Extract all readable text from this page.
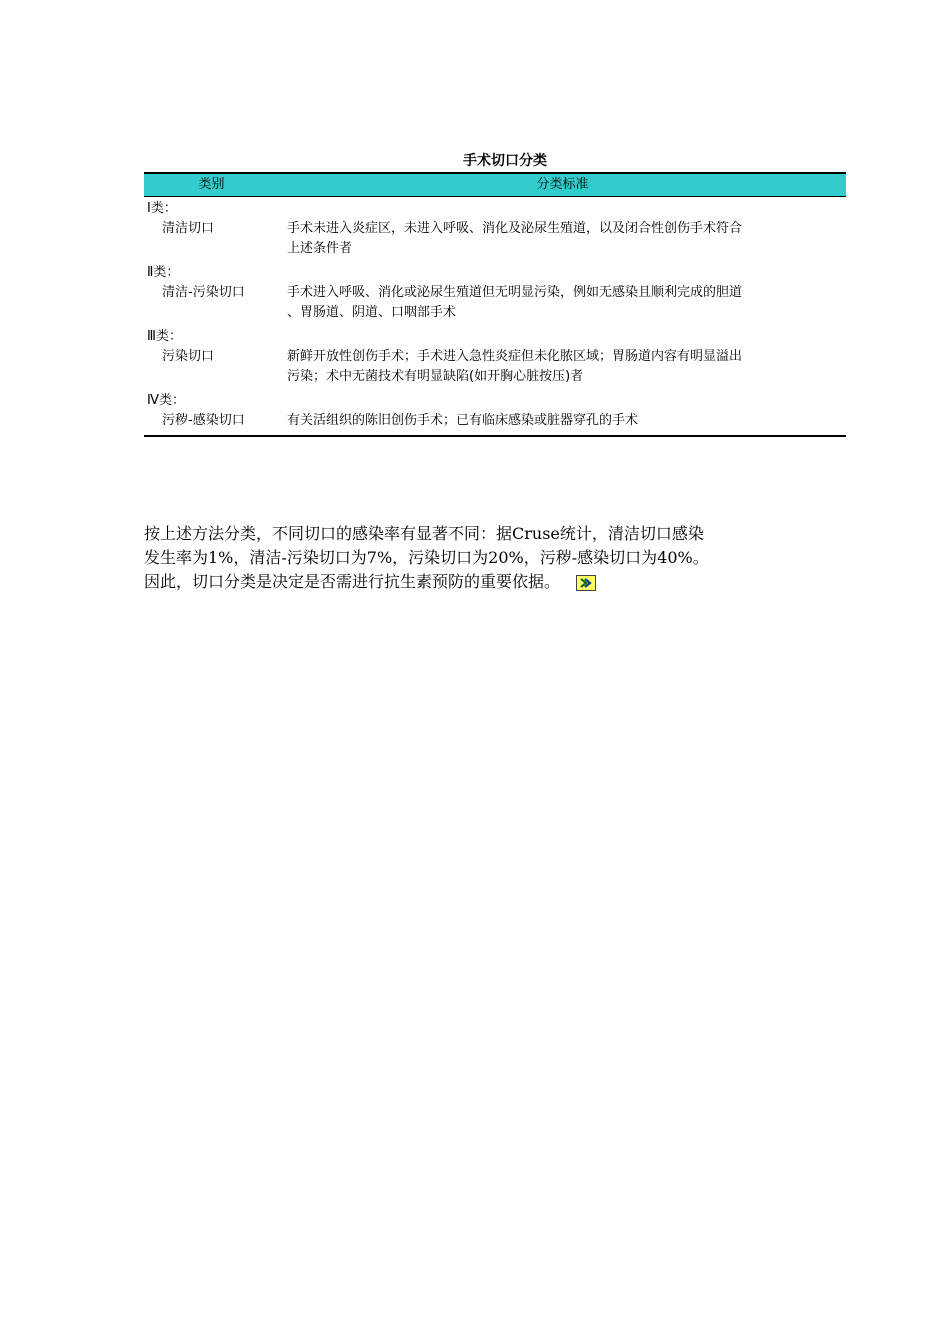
手术切口分类
类别	分类标准
Ⅰ类：
清洁切口	手术未进入炎症区，未进入呼吸、消化及泌尿生殖道，以及闭合性创伤手术符合
上述条件者
Ⅱ类：
清洁-污染切口	手术进入呼吸、消化或泌尿生殖道但无明显污染，例如无感染且顺利完成的胆道
、胃肠道、阴道、口咽部手术
Ⅲ类：
污染切口	新鲜开放性创伤手术；手术进入急性炎症但未化脓区域；胃肠道内容有明显溢出
污染；术中无菌技术有明显缺陷(如开胸心脏按压)者
Ⅳ类：
污秽-感染切口	有关活组织的陈旧创伤手术；已有临床感染或脏器穿孔的手术

按上述方法分类，不同切口的感染率有显著不同：据Cruse统计，清洁切口感染

发生率为1%，清洁-污染切口为7%，污染切口为20%，污秽-感染切口为40%。

因此，切口分类是决定是否需进行抗生素预防的重要依据。
